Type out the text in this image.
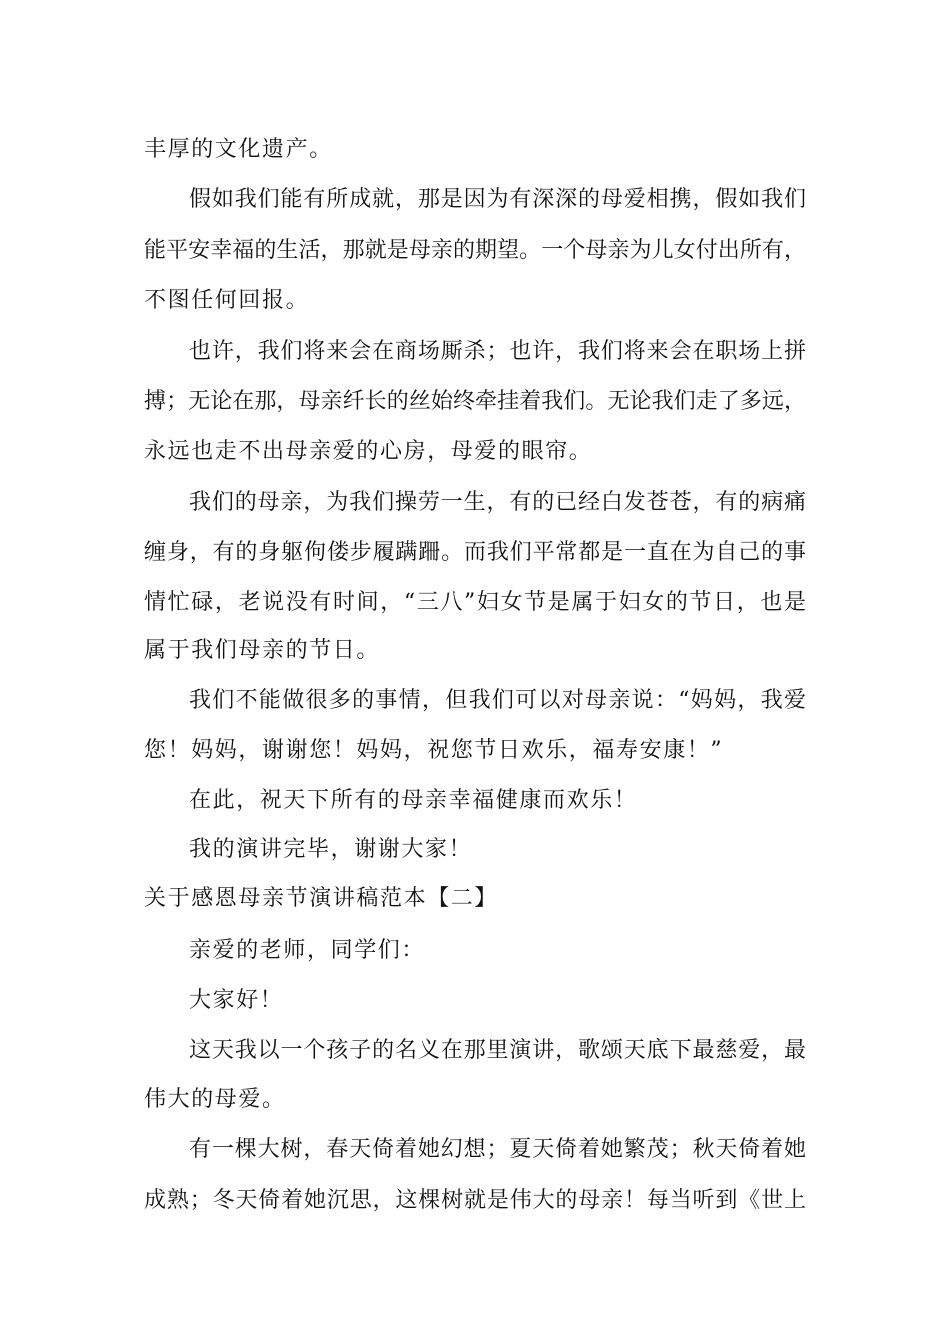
丰厚的文化遗产。
假如我们能有所成就，那是因为有深深的母爱相携，假如我们
能平安幸福的生活，那就是母亲的期望。一个母亲为儿女付出所有，
不图任何回报。
也许，我们将来会在商场厮杀；也许，我们将来会在职场上拼
搏；无论在那，母亲纤长的丝始终牵挂着我们。无论我们走了多远，
永远也走不出母亲爱的心房，母爱的眼帘。
我们的母亲，为我们操劳一生，有的已经白发苍苍，有的病痛
缠身，有的身躯佝偻步履蹒跚。而我们平常都是一直在为自己的事
情忙碌，老说没有时间，“三八”妇女节是属于妇女的节日，也是
属于我们母亲的节日。
我们不能做很多的事情，但我们可以对母亲说：“妈妈，我爱
您！妈妈，谢谢您！妈妈，祝您节日欢乐，福寿安康！”
在此，祝天下所有的母亲幸福健康而欢乐！
我的演讲完毕，谢谢大家！
关于感恩母亲节演讲稿范本【二】
亲爱的老师，同学们：
大家好！
这天我以一个孩子的名义在那里演讲，歌颂天底下最慈爱，最
伟大的母爱。
有一棵大树，春天倚着她幻想；夏天倚着她繁茂；秋天倚着她
成熟；冬天倚着她沉思，这棵树就是伟大的母亲！每当听到《世上
